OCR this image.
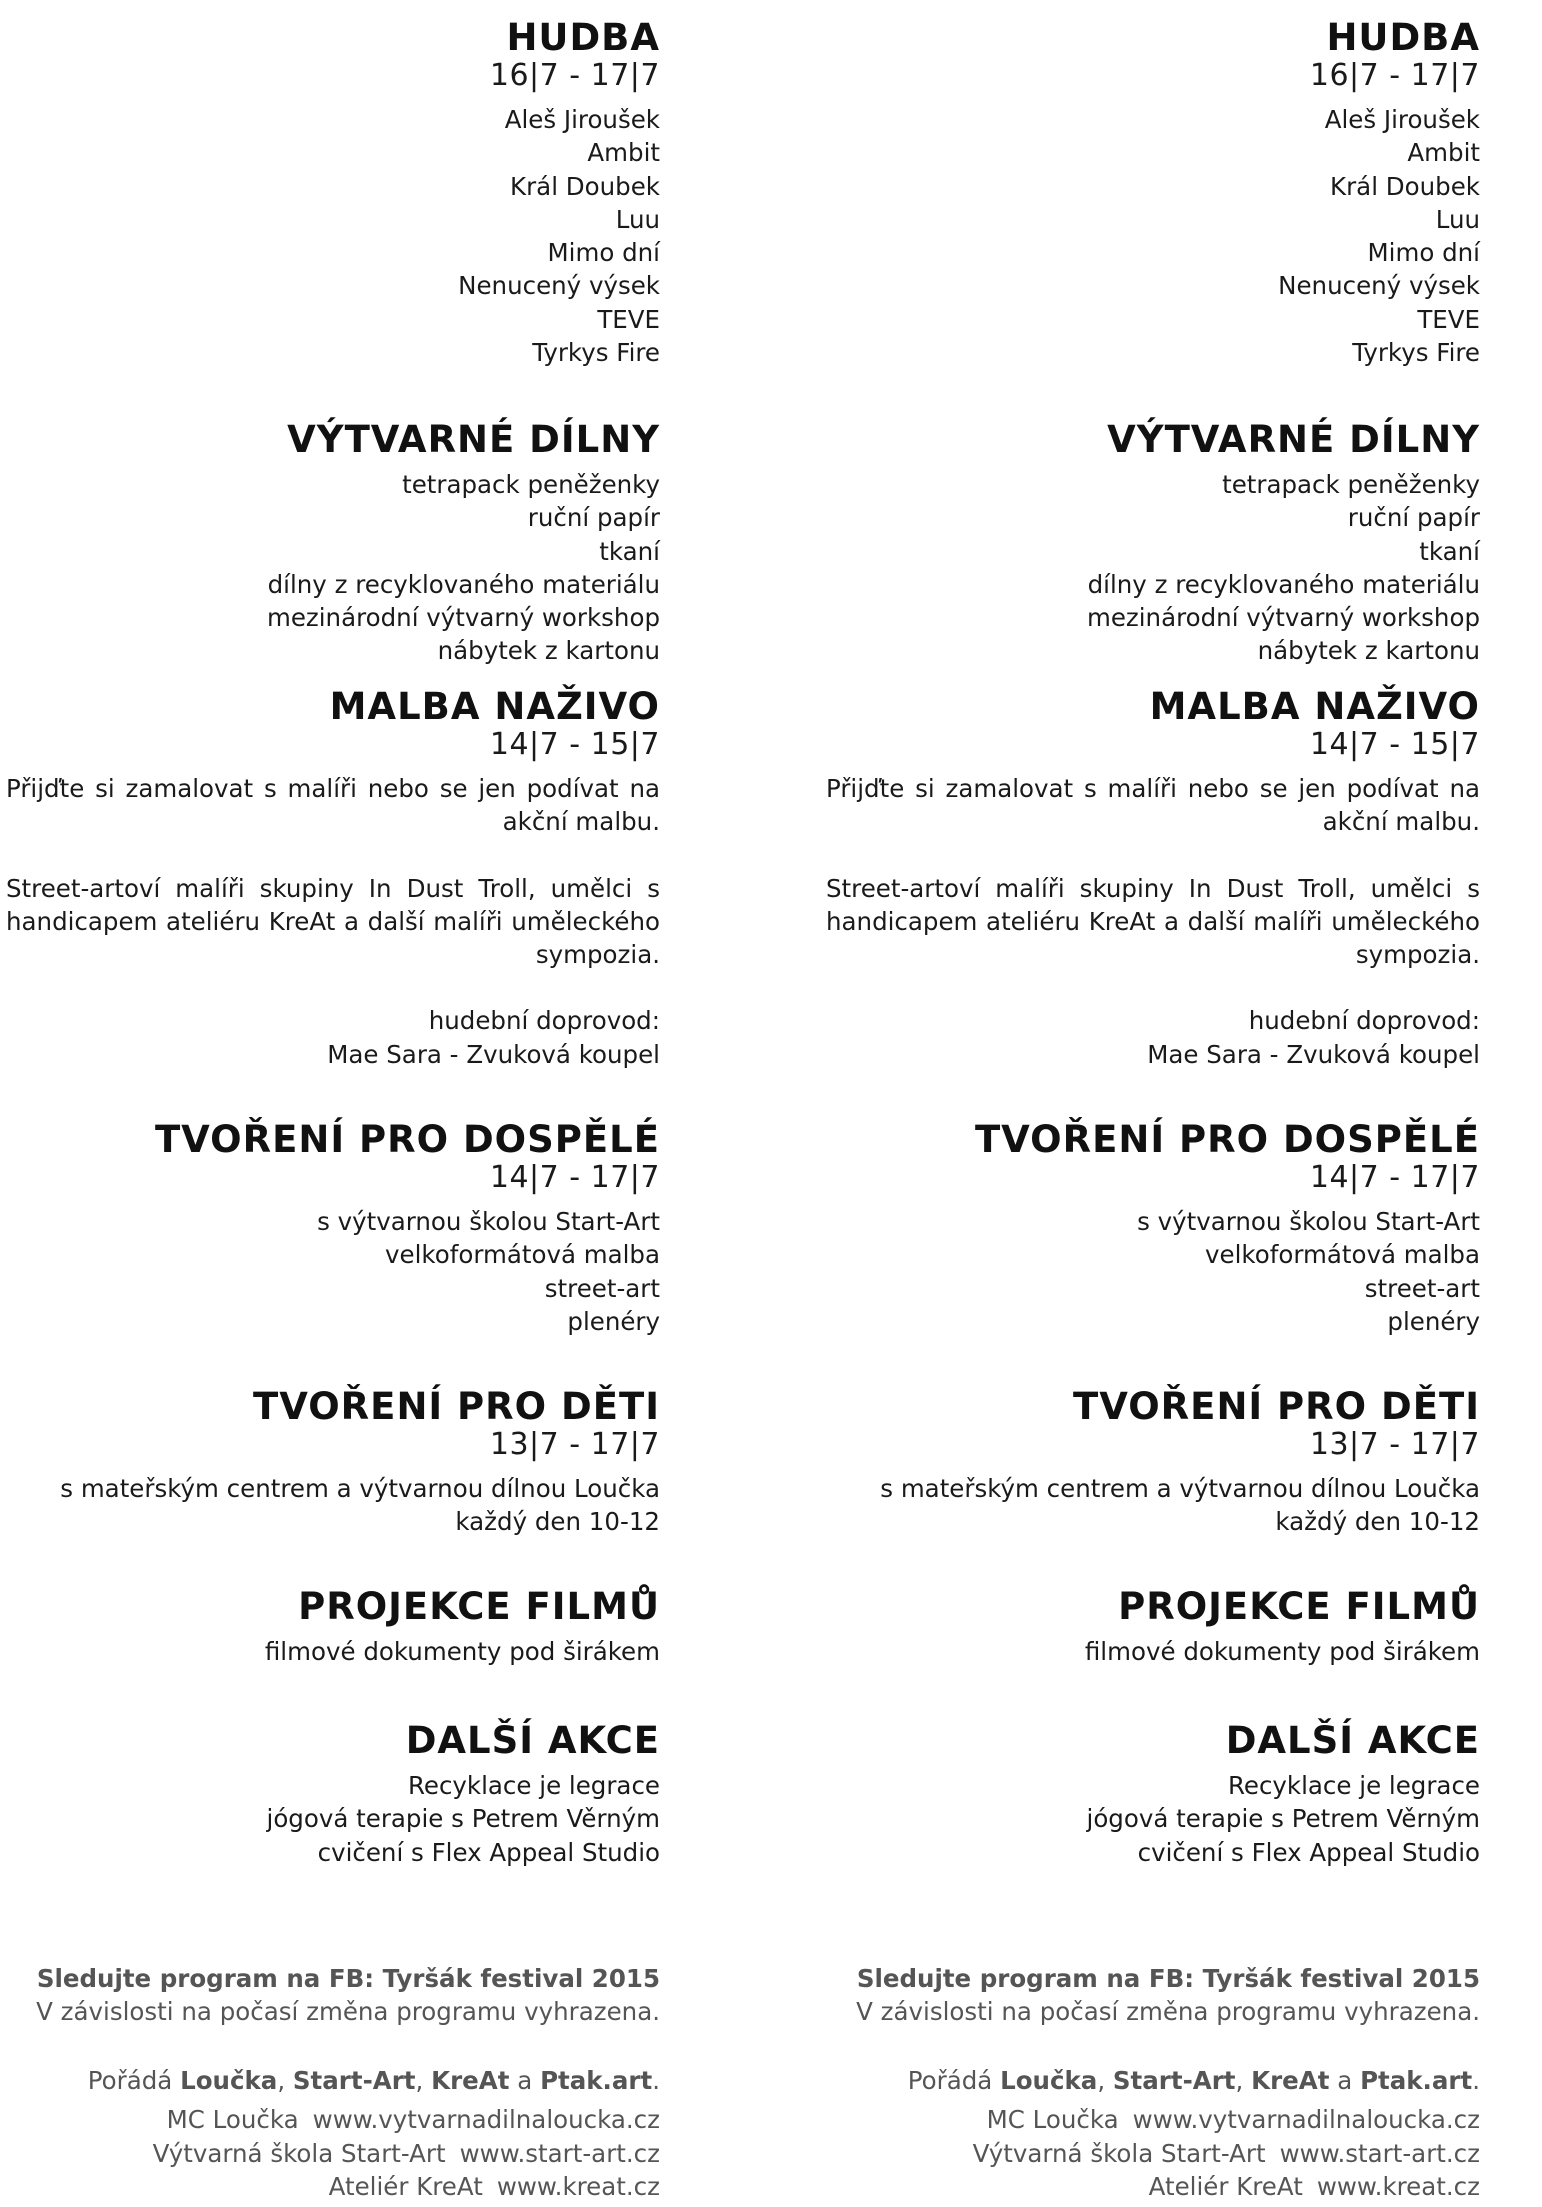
HUDBA
16|7 - 17|7
Aleš Jiroušek
Ambit
Král Doubek
Luu
Mimo dní
Nenucený výsek
TEVE
Tyrkys Fire
VÝTVARNÉ DÍLNY
tetrapack peněženky
ruční papír
tkaní
dílny z recyklovaného materiálu
mezinárodní výtvarný workshop
nábytek z kartonu
MALBA NAŽIVO
14|7 - 15|7
Přijďte si zamalovat s malíři nebo se jen podívat na akční malbu.
Street-artoví malíři skupiny In Dust Troll, umělci s handicapem ateliéru KreAt a další malíři uměleckého sympozia.
hudební doprovod:
Mae Sara - Zvuková koupel
TVOŘENÍ PRO DOSPĚLÉ
14|7 - 17|7
s výtvarnou školou Start-Art
velkoformátová malba
street-art
plenéry
TVOŘENÍ PRO DĚTI
13|7 - 17|7
s mateřským centrem a výtvarnou dílnou Loučka
každý den 10-12
PROJEKCE FILMŮ
filmové dokumenty pod širákem
DALŠÍ AKCE
Recyklace je legrace
jógová terapie s Petrem Věrným
cvičení s Flex Appeal Studio
Sledujte program na FB: Tyršák festival 2015
V závislosti na počasí změna programu vyhrazena.
Pořádá Loučka, Start-Art, KreAt a Ptak.art.
MC Loučka www.vytvarnadilnaloucka.cz
Výtvarná škola Start-Art www.start-art.cz
Ateliér KreAt www.kreat.cz
HUDBA
16|7 - 17|7
Aleš Jiroušek
Ambit
Král Doubek
Luu
Mimo dní
Nenucený výsek
TEVE
Tyrkys Fire
VÝTVARNÉ DÍLNY
tetrapack peněženky
ruční papír
tkaní
dílny z recyklovaného materiálu
mezinárodní výtvarný workshop
nábytek z kartonu
MALBA NAŽIVO
14|7 - 15|7
Přijďte si zamalovat s malíři nebo se jen podívat na akční malbu.
Street-artoví malíři skupiny In Dust Troll, umělci s handicapem ateliéru KreAt a další malíři uměleckého sympozia.
hudební doprovod:
Mae Sara - Zvuková koupel
TVOŘENÍ PRO DOSPĚLÉ
14|7 - 17|7
s výtvarnou školou Start-Art
velkoformátová malba
street-art
plenéry
TVOŘENÍ PRO DĚTI
13|7 - 17|7
s mateřským centrem a výtvarnou dílnou Loučka
každý den 10-12
PROJEKCE FILMŮ
filmové dokumenty pod širákem
DALŠÍ AKCE
Recyklace je legrace
jógová terapie s Petrem Věrným
cvičení s Flex Appeal Studio
Sledujte program na FB: Tyršák festival 2015
V závislosti na počasí změna programu vyhrazena.
Pořádá Loučka, Start-Art, KreAt a Ptak.art.
MC Loučka www.vytvarnadilnaloucka.cz
Výtvarná škola Start-Art www.start-art.cz
Ateliér KreAt www.kreat.cz
